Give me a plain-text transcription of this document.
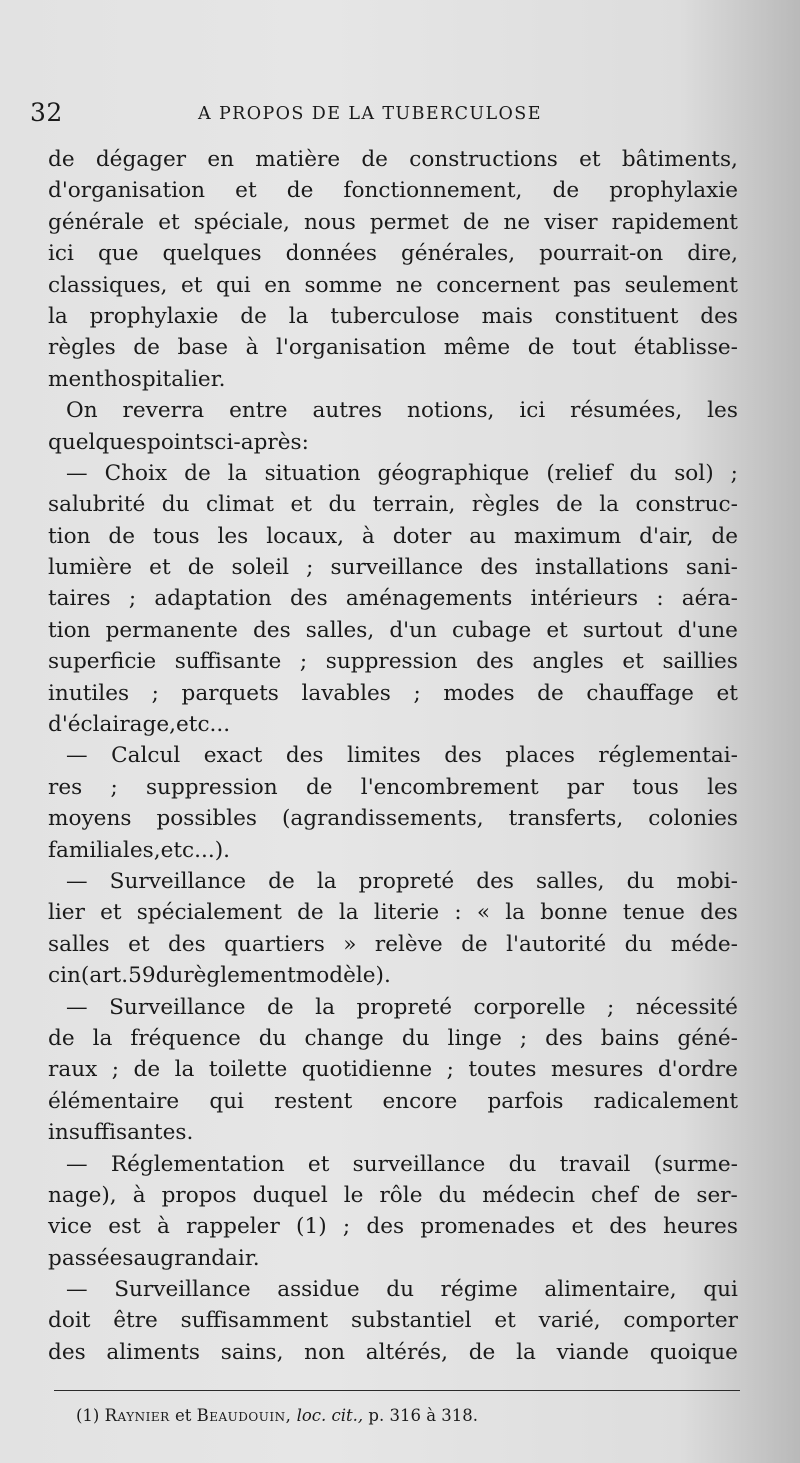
32	A PROPOS DE LA TUBERCULOSE
de dégager en matière de constructions et bâtiments,
d'organisation et de fonctionnement, de prophylaxie
générale et spéciale, nous permet de ne viser rapidement
ici que quelques données générales, pourrait-on dire,
classiques, et qui en somme ne concernent pas seulement
la prophylaxie de la tuberculose mais constituent des
règles de base à l'organisation même de tout établisse-
ment hospitalier.
On reverra entre autres notions, ici résumées, les
quelques points ci-après :
— Choix de la situation géographique (relief du sol) ;
salubrité du climat et du terrain, règles de la construc-
tion de tous les locaux, à doter au maximum d'air, de
lumière et de soleil ; surveillance des installations sani-
taires ; adaptation des aménagements intérieurs : aéra-
tion permanente des salles, d'un cubage et surtout d'une
superficie suffisante ; suppression des angles et saillies
inutiles ; parquets lavables ; modes de chauffage et
d'éclairage, etc...
— Calcul exact des limites des places réglementai-
res ; suppression de l'encombrement par tous les
moyens possibles (agrandissements, transferts, colonies
familiales, etc...).
— Surveillance de la propreté des salles, du mobi-
lier et spécialement de la literie : « la bonne tenue des
salles et des quartiers » relève de l'autorité du méde-
cin (art. 59 du règlement modèle).
— Surveillance de la propreté corporelle ; nécessité
de la fréquence du change du linge ; des bains géné-
raux ; de la toilette quotidienne ; toutes mesures d'ordre
élémentaire qui restent encore parfois radicalement
insuffisantes.
— Réglementation et surveillance du travail (surme-
nage), à propos duquel le rôle du médecin chef de ser-
vice est à rappeler (1) ; des promenades et des heures
passées au grand air.
— Surveillance assidue du régime alimentaire, qui
doit être suffisamment substantiel et varié, comporter
des aliments sains, non altérés, de la viande quoique
(1) Raynier et Beaudouin, loc. cit., p. 316 à 318.
